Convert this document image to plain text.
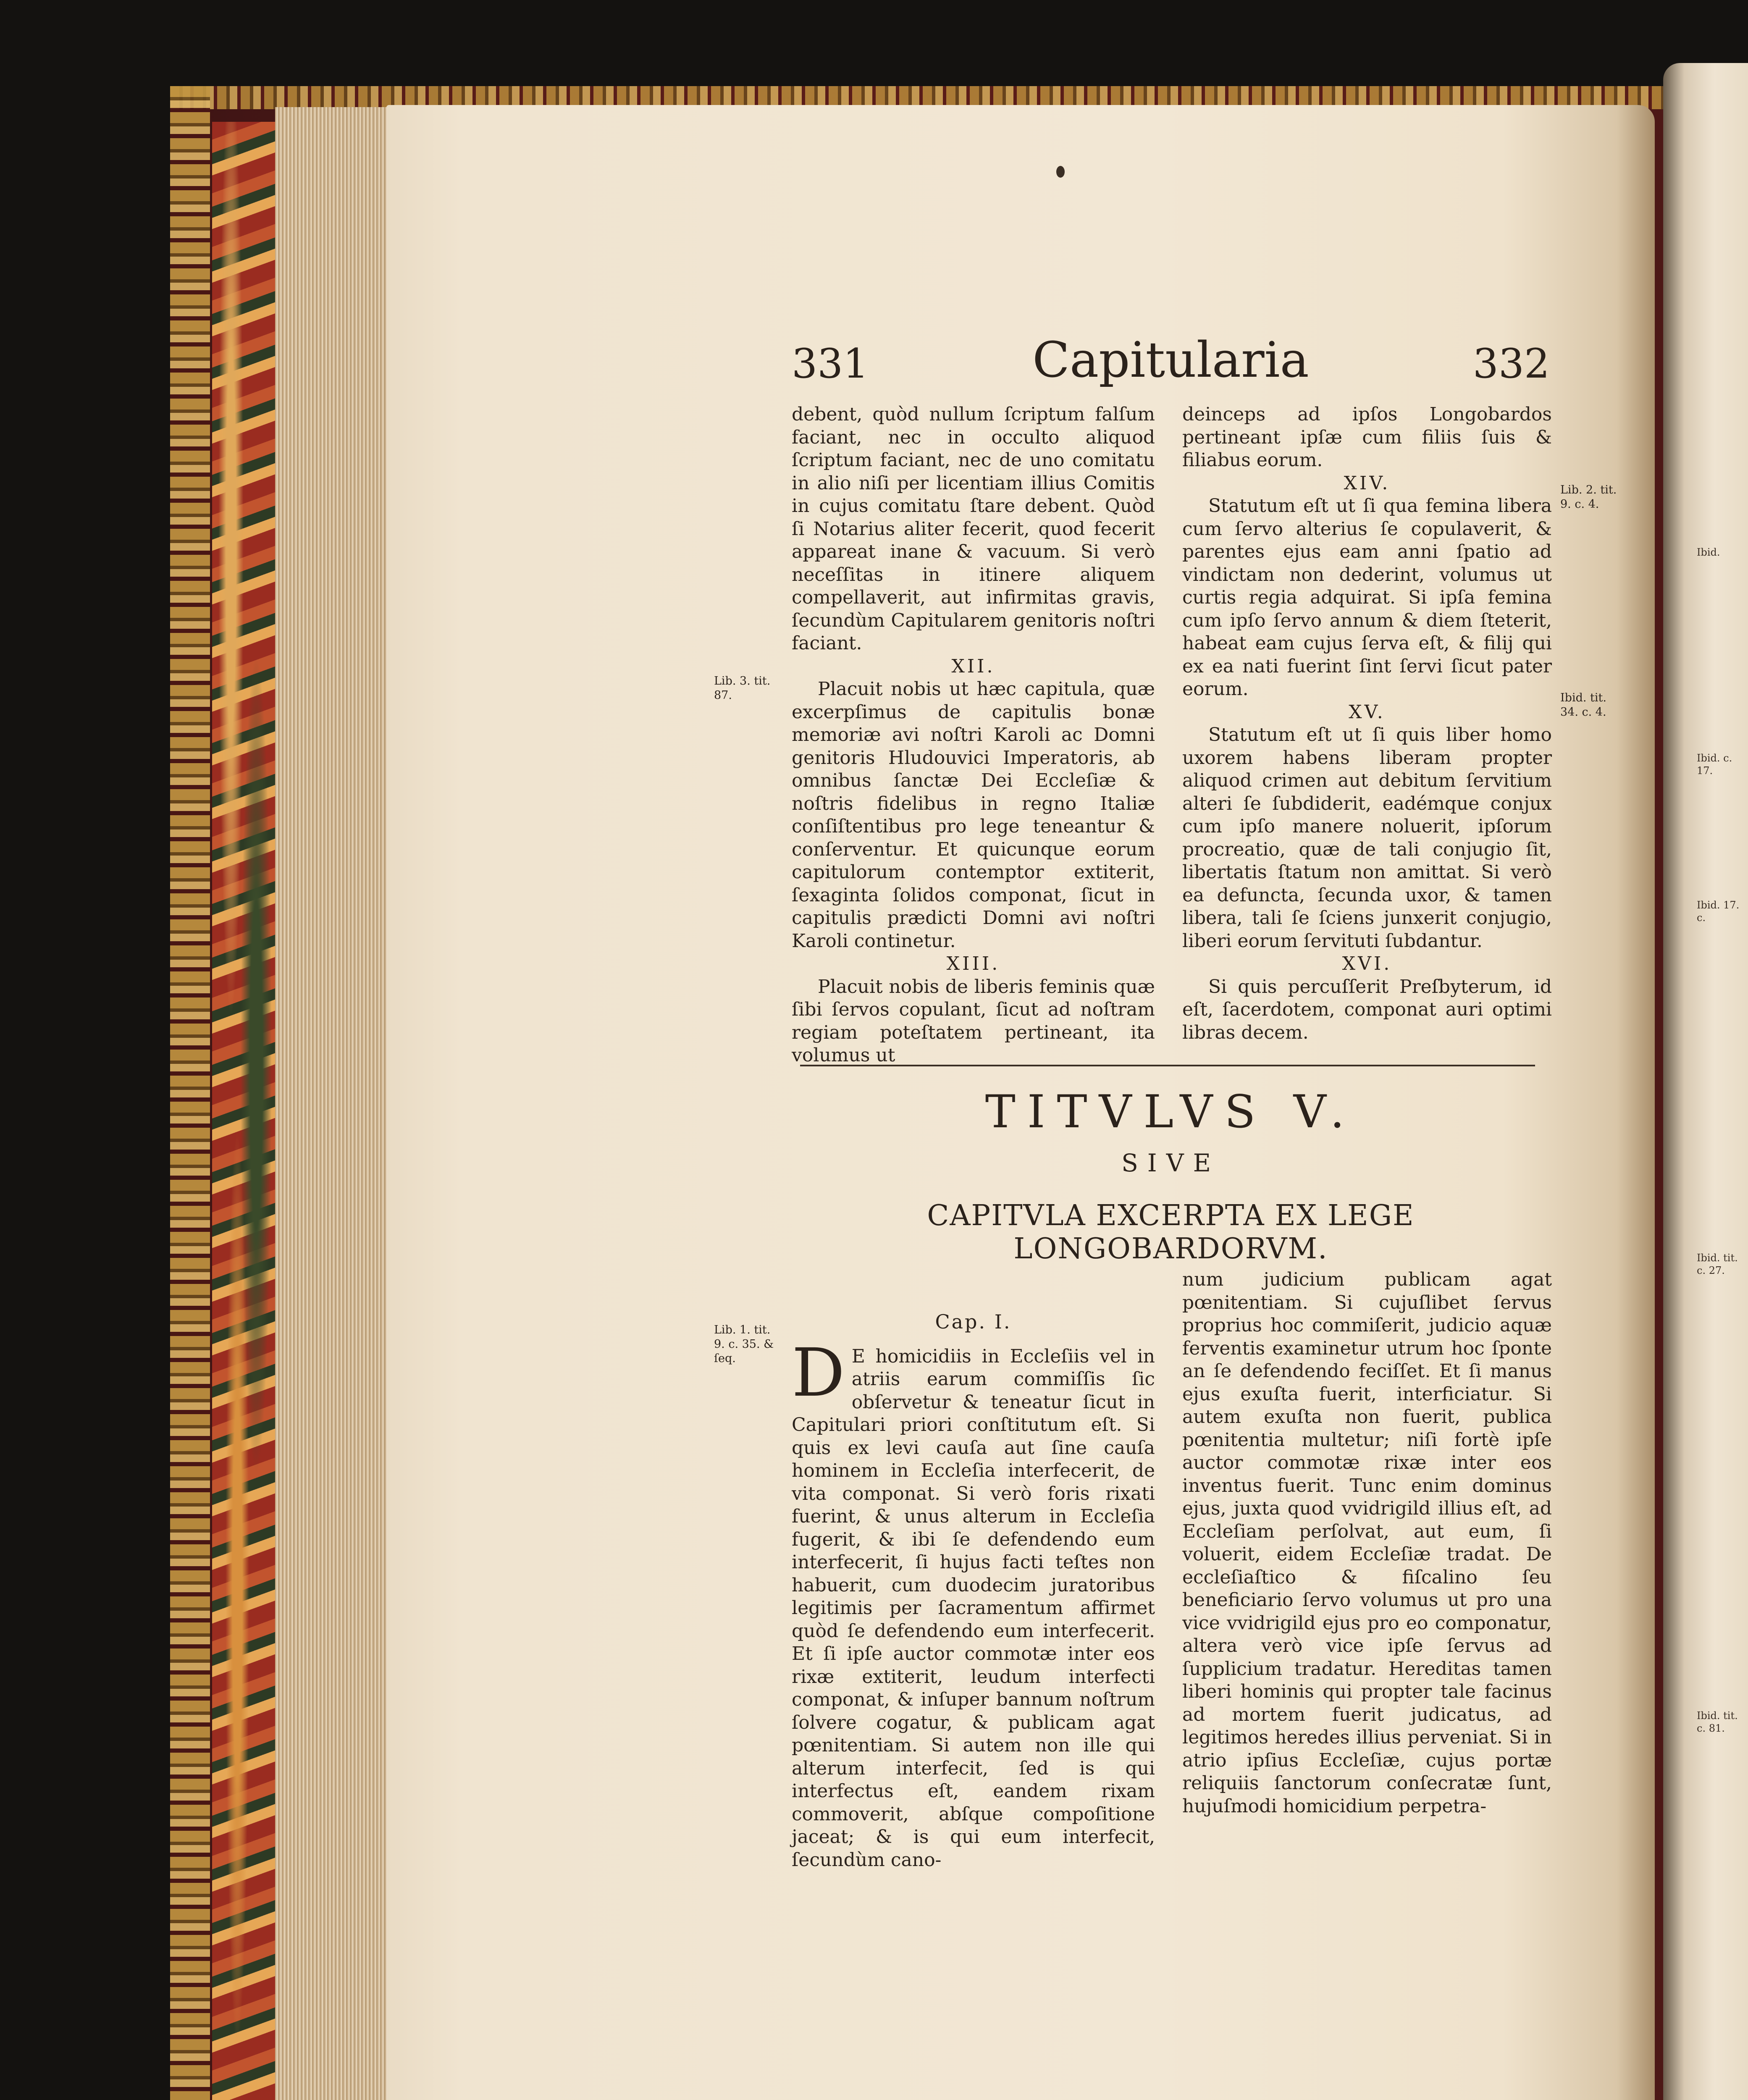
Ibid.
Ibid. c. 17.
Ibid. 17. c.
Ibid. tit. c. 27.
Ibid. tit. c. 81.
331	Capitularia	332

debent, quòd nullum ſcriptum falſum faciant, nec in occulto aliquod ſcriptum faciant, nec de uno comitatu in alio niſi per licentiam illius Comitis in cujus comitatu ſtare debent. Quòd ſi Notarius aliter fecerit, quod fecerit appareat inane & vacuum. Si verò neceſſitas in itinere aliquem compellaverit, aut infirmitas gravis, ſecundùm Capitularem genitoris noſtri faciant.

XII.

Placuit nobis ut hæc capitula, quæ excerpſimus de capitulis bonæ memoriæ avi noſtri Karoli ac Domni genitoris Hludouvici Imperatoris, ab omnibus ſanctæ Dei Eccleſiæ & noſtris fidelibus in regno Italiæ conſiſtentibus pro lege teneantur & conſerventur. Et quicunque eorum capitulorum contemptor extiterit, ſexaginta ſolidos componat, ſicut in capitulis prædicti Domni avi noſtri Karoli continetur.

XIII.

Placuit nobis de liberis feminis quæ ſibi ſervos copulant, ſicut ad noſtram regiam poteſtatem pertineant, ita volumus ut

deinceps ad ipſos Longobardos pertineant ipſæ cum filiis ſuis & filiabus eorum.

XIV.

Statutum eſt ut ſi qua femina libera cum ſervo alterius ſe copulaverit, & parentes ejus eam anni ſpatio ad vindictam non dederint, volumus ut curtis regia adquirat. Si ipſa femina cum ipſo ſervo annum & diem ſteterit, habeat eam cujus ſerva eſt, & filij qui ex ea nati fuerint ſint ſervi ſicut pater eorum.

XV.

Statutum eſt ut ſi quis liber homo uxorem habens liberam propter aliquod crimen aut debitum ſervitium alteri ſe ſubdiderit, eadémque conjux cum ipſo manere noluerit, ipſorum procreatio, quæ de tali conjugio ſit, libertatis ſtatum non amittat. Si verò ea defuncta, ſecunda uxor, & tamen libera, tali ſe ſciens junxerit conjugio, liberi eorum ſervituti ſubdantur.

XVI.

Si quis percuſſerit Preſbyterum, id eſt, ſacerdotem, componat auri optimi libras decem.

Lib. 3. tit. 87.
Lib. 1. tit. 9. c. 35. & ſeq.
Lib. 2. tit. 9. c. 4.
Ibid. tit. 34. c. 4.
TITVLVS V.
SIVE
CAPITVLA EXCERPTA EX LEGE LONGOBARDORVM.
Cap. I.

D E homicidiis in Eccleſiis vel in atriis earum commiſſis ſic obſervetur & teneatur ſicut in Capitulari priori conſtitutum eſt. Si quis ex levi cauſa aut ſine cauſa hominem in Eccleſia interfecerit, de vita componat. Si verò foris rixati fuerint, & unus alterum in Eccleſia fugerit, & ibi ſe defendendo eum interfecerit, ſi hujus facti teſtes non habuerit, cum duodecim juratoribus legitimis per ſacramentum affirmet quòd ſe defendendo eum interfecerit. Et ſi ipſe auctor commotæ inter eos rixæ extiterit, leudum interfecti componat, & inſuper bannum noſtrum ſolvere cogatur, & publicam agat pœnitentiam. Si autem non ille qui alterum interfecit, ſed is qui interfectus eſt, eandem rixam commoverit, abſque compoſitione jaceat; & is qui eum interfecit, ſecundùm cano-

num judicium publicam agat pœnitentiam. Si cujuſlibet ſervus proprius hoc commiſerit, judicio aquæ ferventis examinetur utrum hoc ſponte an ſe defendendo feciſſet. Et ſi manus ejus exuſta fuerit, interficiatur. Si autem exuſta non fuerit, publica pœnitentia multetur; niſi fortè ipſe auctor commotæ rixæ inter eos inventus fuerit. Tunc enim dominus ejus, juxta quod vvidrigild illius eſt, ad Eccleſiam perſolvat, aut eum, ſi voluerit, eidem Eccleſiæ tradat. De eccleſiaſtico & fiſcalino ſeu beneficiario ſervo volumus ut pro una vice vvidrigild ejus pro eo componatur, altera verò vice ipſe ſervus ad ſupplicium tradatur. Hereditas tamen liberi hominis qui propter tale facinus ad mortem fuerit judicatus, ad legitimos heredes illius perveniat. Si in atrio ipſius Eccleſiæ, cujus portæ reliquiis ſanctorum conſecratæ ſunt, hujuſmodi homicidium perpetra-
